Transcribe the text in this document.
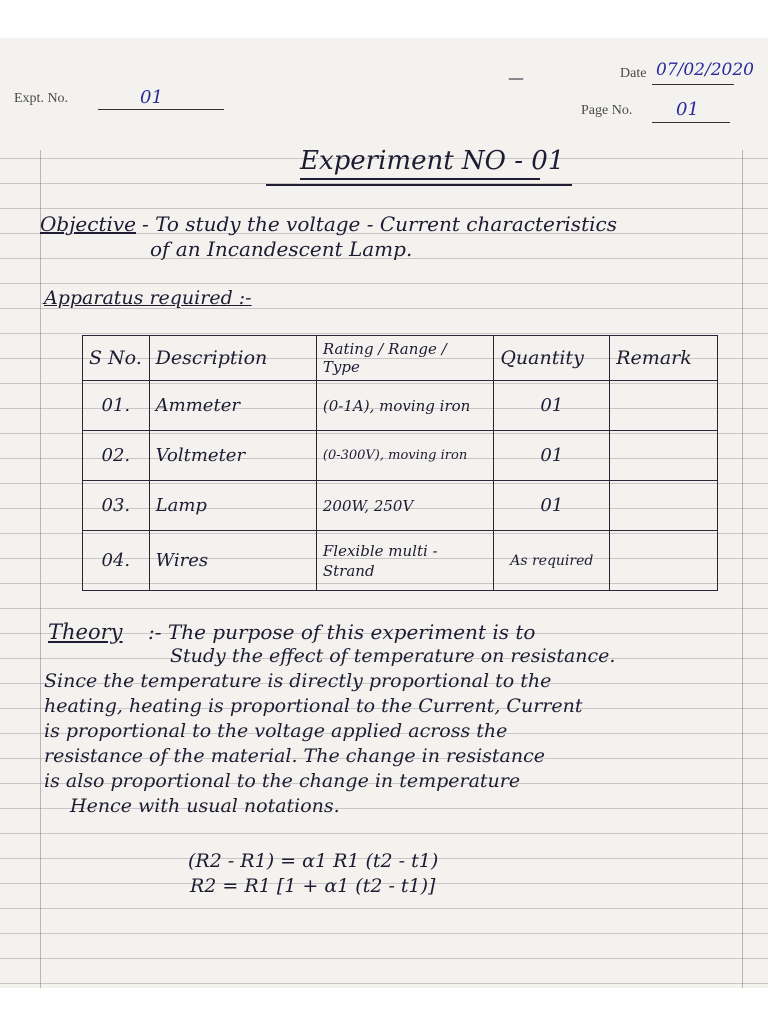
Date 07/02/2020
—
Expt. No.	01
Page No. 01
Experiment NO - 01
Objective - To study the voltage - Current characteristics
of an Incandescent Lamp.
Apparatus required :-
S No.	Description	Rating / Range / Type	Quantity	Remark
01.	Ammeter	(0-1A), moving iron	01	
02.	Voltmeter	(0-300V), moving iron	01	
03.	Lamp	200W, 250V	01	
04.	Wires	Flexible multi - Strand	As required	
Theory :- The purpose of this experiment is to
Study the effect of temperature on resistance.
Since the temperature is directly proportional to the
heating, heating is proportional to the Current, Current
is proportional to the voltage applied across the
resistance of the material. The change in resistance
is also proportional to the change in temperature
Hence with usual notations.
(R2 - R1) = α1 R1 (t2 - t1)
R2 = R1 [1 + α1 (t2 - t1)]
